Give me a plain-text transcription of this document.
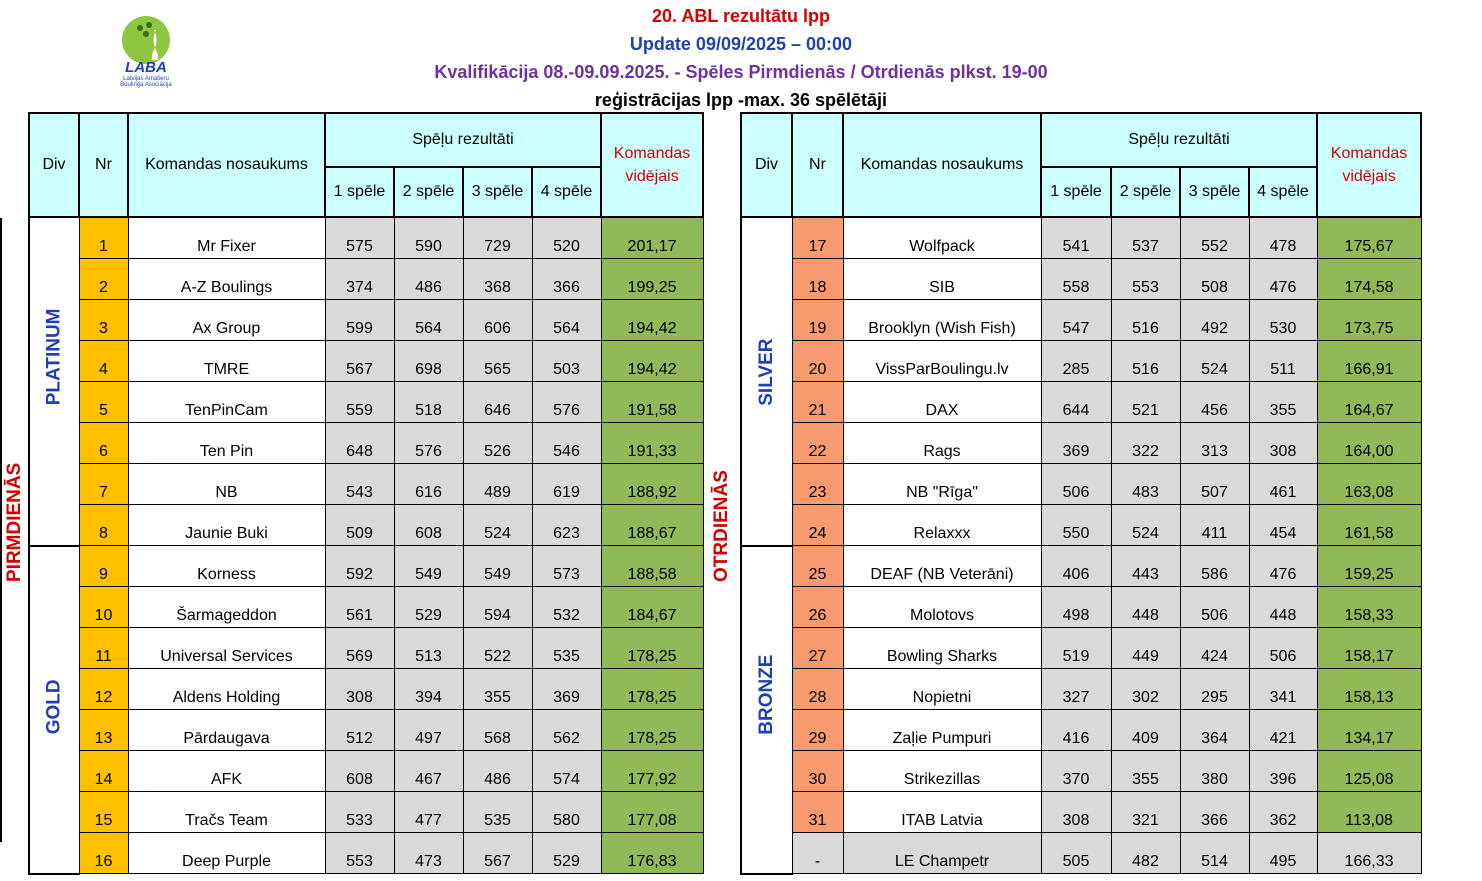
20. ABL rezultātu lpp
Update 09/09/2025 – 00:00
Kvalifikācija 08.-09.09.2025. - Spēles Pirmdienās / Otrdienās plkst. 19-00
reģistrācijas lpp -max. 36 spēlētāji
LABA
Latvijas Amatieru
Boulinga Asociācija
PIRMDIENĀS	OTRDIENĀS
Div	Nr	Komandas nosaukums	Spēļu rezultāti				Komandas
vidējais
			1 spēle	2 spēle	3 spēle	4 spēle	

PLATINUM	1	Mr Fixer	575	590	729	520	201,17
	2	A-Z Boulings	374	486	368	366	199,25
	3	Ax Group	599	564	606	564	194,42
	4	TMRE	567	698	565	503	194,42
	5	TenPinCam	559	518	646	576	191,58
	6	Ten Pin	648	576	526	546	191,33
	7	NB	543	616	489	619	188,92
	8	Jaunie Buki	509	608	524	623	188,67

GOLD	9	Korness	592	549	549	573	188,58
	10	Šarmageddon	561	529	594	532	184,67
	11	Universal Services	569	513	522	535	178,25
	12	Aldens Holding	308	394	355	369	178,25
	13	Pārdaugava	512	497	568	562	178,25
	14	AFK	608	467	486	574	177,92
	15	Tračs Team	533	477	535	580	177,08
	16	Deep Purple	553	473	567	529	176,83
Div	Nr	Komandas nosaukums	Spēļu rezultāti				Komandas
vidējais
			1 spēle	2 spēle	3 spēle	4 spēle	

SILVER	17	Wolfpack	541	537	552	478	175,67
	18	SIB	558	553	508	476	174,58
	19	Brooklyn (Wish Fish)	547	516	492	530	173,75
	20	VissParBoulingu.lv	285	516	524	511	166,91
	21	DAX	644	521	456	355	164,67
	22	Rags	369	322	313	308	164,00
	23	NB "Rīga"	506	483	507	461	163,08
	24	Relaxxx	550	524	411	454	161,58

BRONZE	25	DEAF (NB Veterāni)	406	443	586	476	159,25
	26	Molotovs	498	448	506	448	158,33
	27	Bowling Sharks	519	449	424	506	158,17
	28	Nopietni	327	302	295	341	158,13
	29	Zaļie Pumpuri	416	409	364	421	134,17
	30	Strikezillas	370	355	380	396	125,08
	31	ITAB Latvia	308	321	366	362	113,08
	-	LE Champetr	505	482	514	495	166,33
